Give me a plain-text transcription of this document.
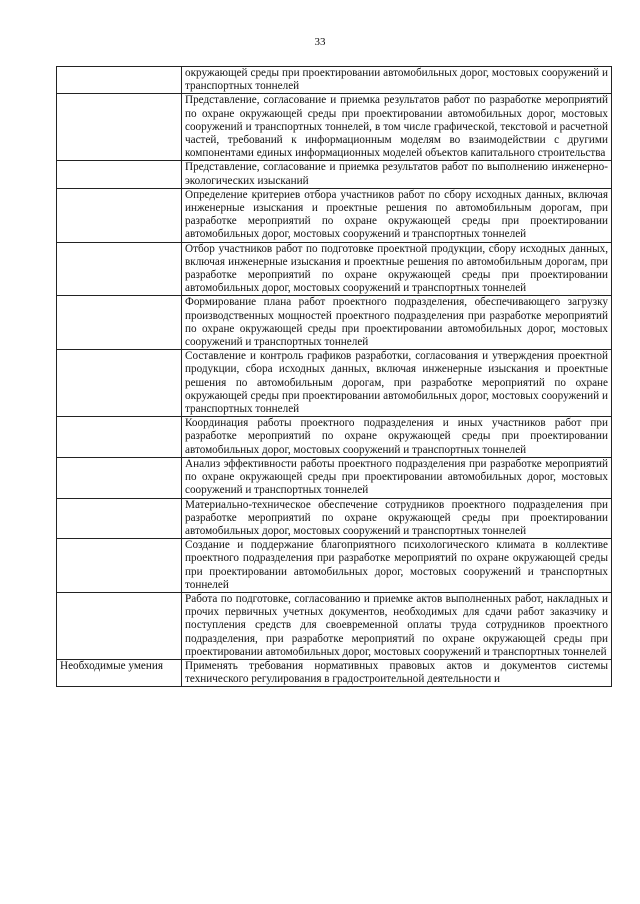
33
	окружающей среды при проектировании автомобильных дорог, мостовых сооружений и транспортных тоннелей
	Представление, согласование и приемка результатов работ по разработке мероприятий по охране окружающей среды при проектировании автомобильных дорог, мостовых сооружений и транспортных тоннелей, в том числе графической, текстовой и расчетной частей, требований к информационным моделям во взаимодействии с другими компонентами единых информационных моделей объектов капитального строительства
	Представление, согласование и приемка результатов работ по выполнению инженерно-экологических изысканий
	Определение критериев отбора участников работ по сбору исходных данных, включая инженерные изыскания и проектные решения по автомобильным дорогам, при разработке мероприятий по охране окружающей среды при проектировании автомобильных дорог, мостовых сооружений и транспортных тоннелей
	Отбор участников работ по подготовке проектной продукции, сбору исходных данных, включая инженерные изыскания и проектные решения по автомобильным дорогам, при разработке мероприятий по охране окружающей среды при проектировании автомобильных дорог, мостовых сооружений и транспортных тоннелей
	Формирование плана работ проектного подразделения, обеспечивающего загрузку производственных мощностей проектного подразделения при разработке мероприятий по охране окружающей среды при проектировании автомобильных дорог, мостовых сооружений и транспортных тоннелей
	Составление и контроль графиков разработки, согласования и утверждения проектной продукции, сбора исходных данных, включая инженерные изыскания и проектные решения по автомобильным дорогам, при разработке мероприятий по охране окружающей среды при проектировании автомобильных дорог, мостовых сооружений и транспортных тоннелей
	Координация работы проектного подразделения и иных участников работ при разработке мероприятий по охране окружающей среды при проектировании автомобильных дорог, мостовых сооружений и транспортных тоннелей
	Анализ эффективности работы проектного подразделения при разработке мероприятий по охране окружающей среды при проектировании автомобильных дорог, мостовых сооружений и транспортных тоннелей
	Материально-техническое обеспечение сотрудников проектного подразделения при разработке мероприятий по охране окружающей среды при проектировании автомобильных дорог, мостовых сооружений и транспортных тоннелей
	Создание и поддержание благоприятного психологического климата в коллективе проектного подразделения при разработке мероприятий по охране окружающей среды при проектировании автомобильных дорог, мостовых сооружений и транспортных тоннелей
	Работа по подготовке, согласованию и приемке актов выполненных работ, накладных и прочих первичных учетных документов, необходимых для сдачи работ заказчику и поступления средств для своевременной оплаты труда сотрудников проектного подразделения, при разработке мероприятий по охране окружающей среды при проектировании автомобильных дорог, мостовых сооружений и транспортных тоннелей
Необходимые умения	Применять требования нормативных правовых актов и документов системы технического регулирования в градостроительной деятельности и
